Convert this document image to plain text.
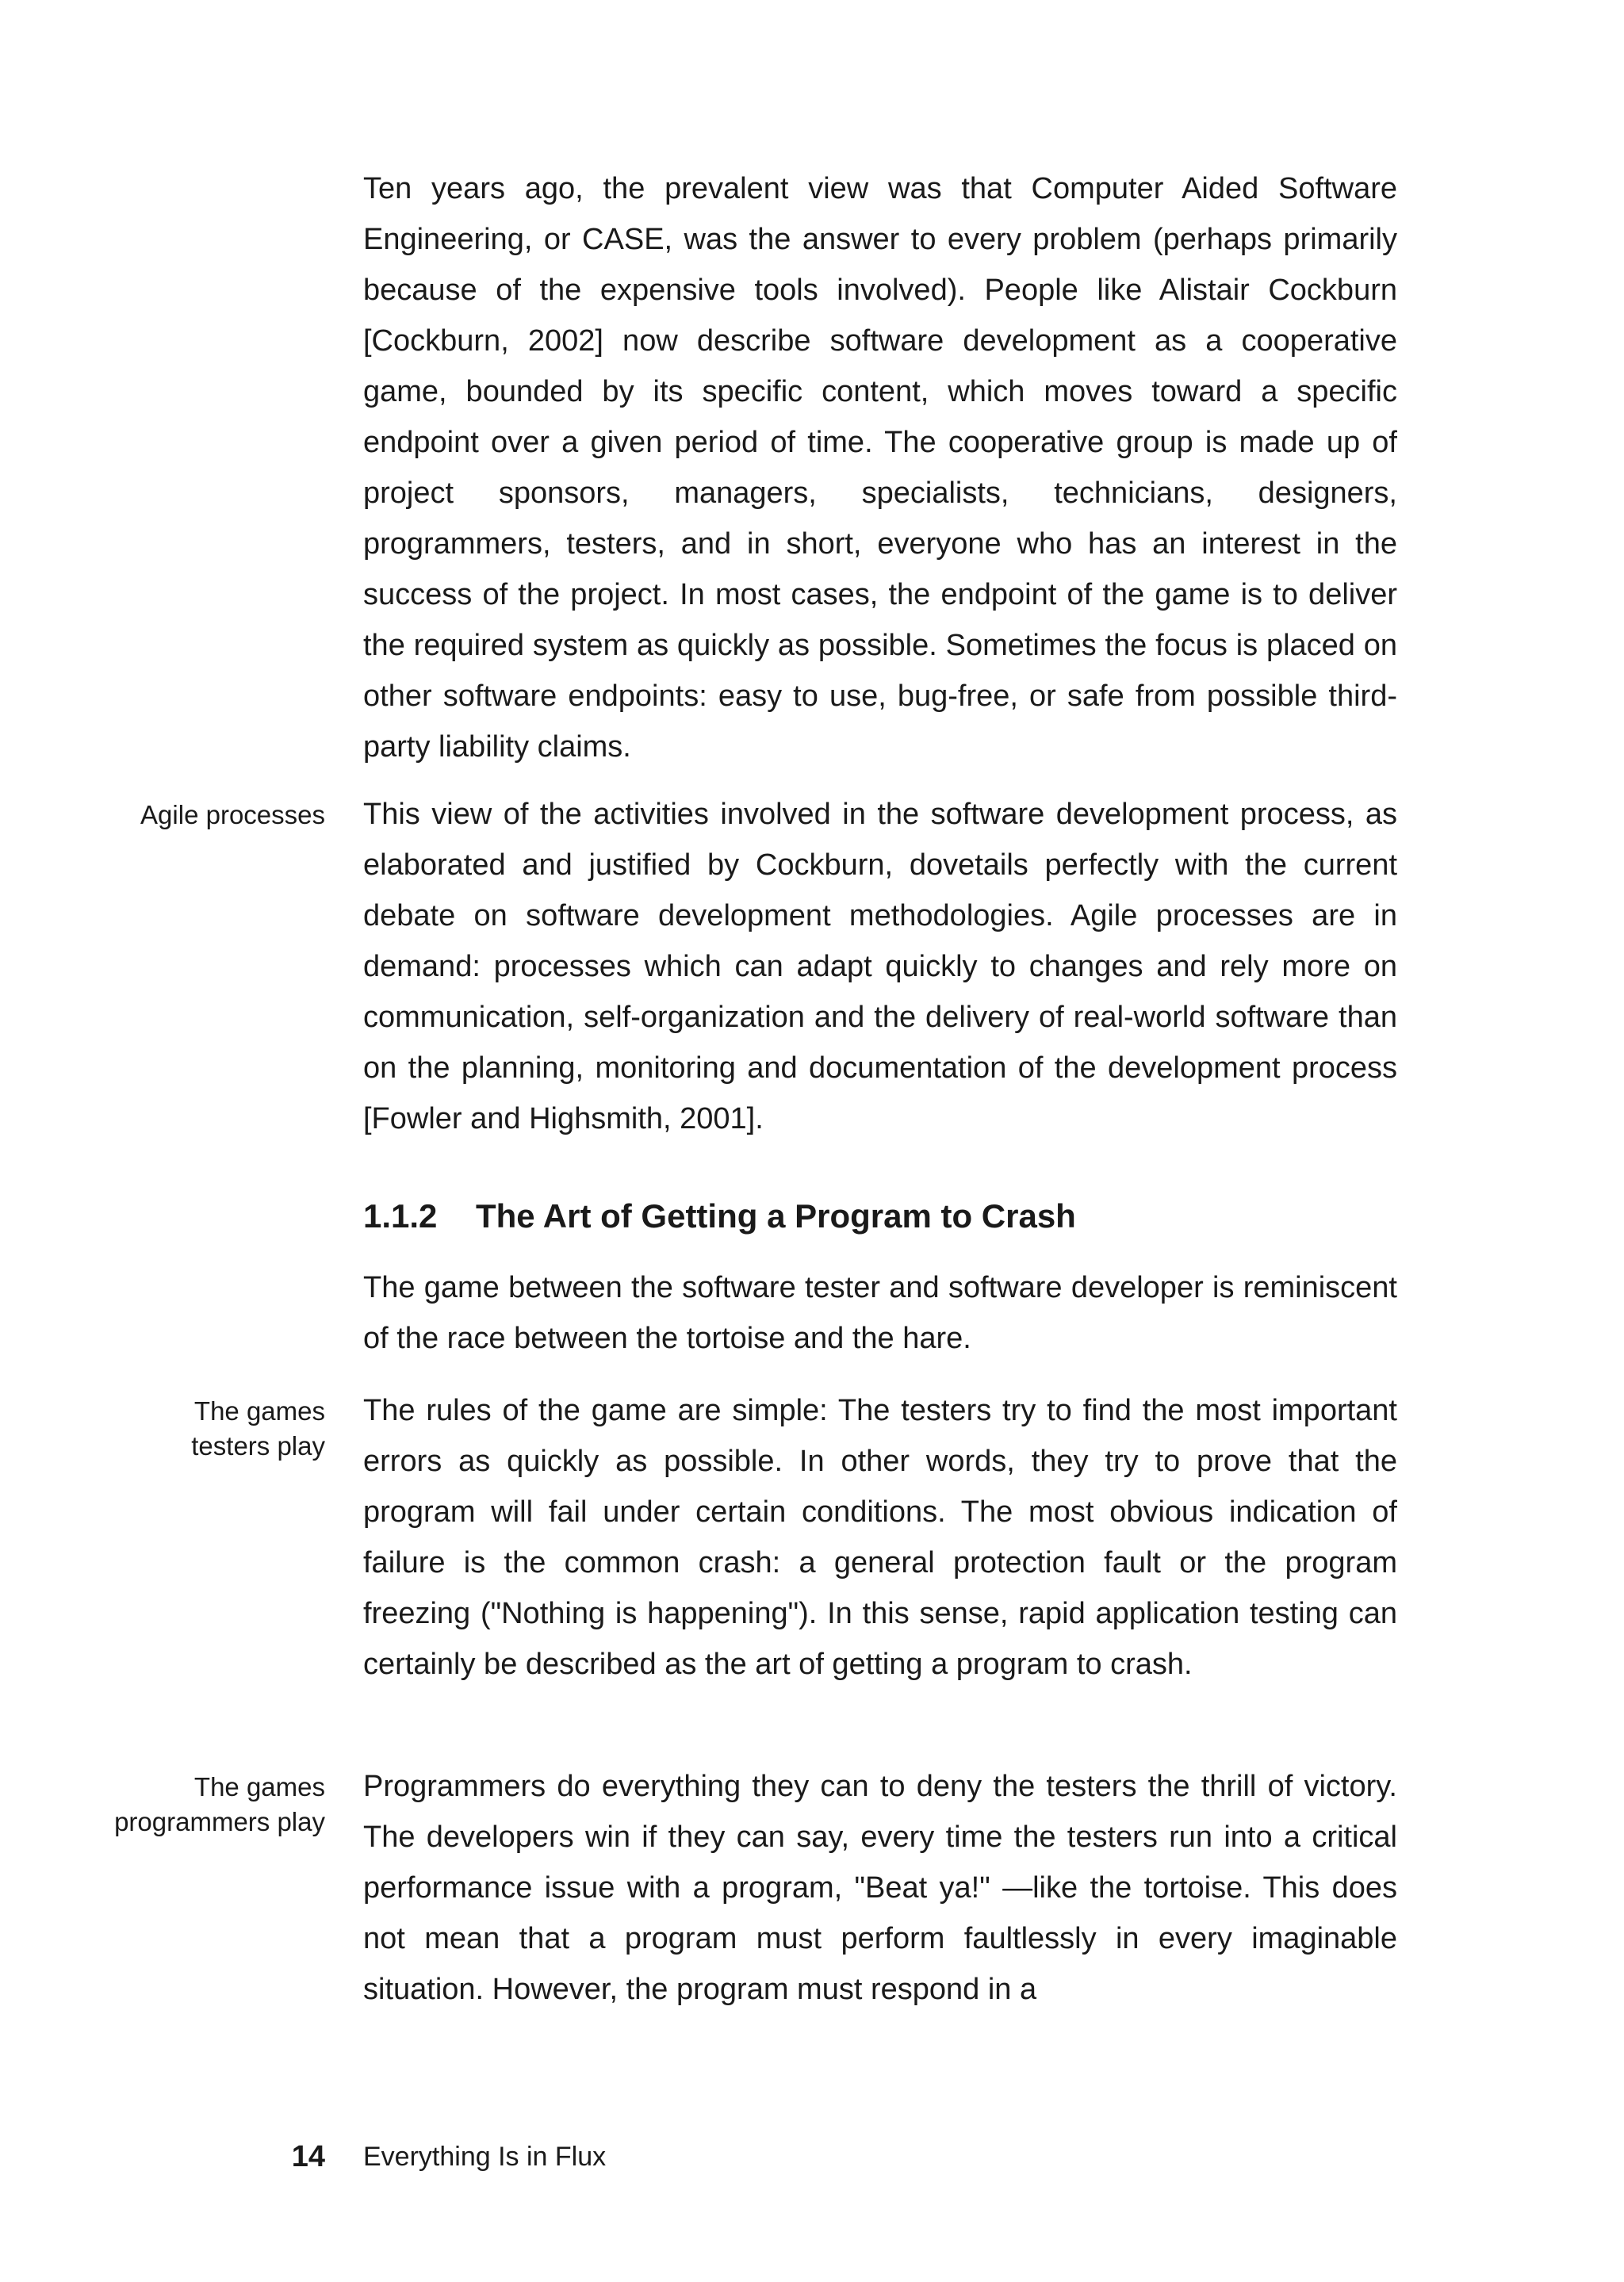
Ten years ago, the prevalent view was that Computer Aided Software Engineering, or CASE, was the answer to every problem (perhaps primarily because of the expensive tools involved). People like Alistair Cockburn [Cockburn, 2002] now describe software development as a cooperative game, bounded by its specific content, which moves toward a specific endpoint over a given period of time. The cooperative group is made up of project sponsors, managers, specialists, technicians, designers, programmers, testers, and in short, everyone who has an interest in the success of the project. In most cases, the endpoint of the game is to deliver the required system as quickly as possible. Sometimes the focus is placed on other software endpoints: easy to use, bug-free, or safe from possible third-party liability claims.

Agile processes This view of the activities involved in the software development process, as elaborated and justified by Cockburn, dovetails perfectly with the current debate on software development methodologies. Agile processes are in demand: processes which can adapt quickly to changes and rely more on communication, self-organization and the delivery of real-world software than on the planning, monitoring and documentation of the development process [Fowler and Highsmith, 2001].

1.1.2 The Art of Getting a Program to Crash

The game between the software tester and software developer is reminiscent of the race between the tortoise and the hare.

The games
testers play

The rules of the game are simple: The testers try to find the most important errors as quickly as possible. In other words, they try to prove that the program will fail under certain conditions. The most obvious indication of failure is the common crash: a general protection fault or the program freezing ("Nothing is happening"). In this sense, rapid application testing can certainly be described as the art of getting a program to crash.

The games
programmers play

Programmers do everything they can to deny the testers the thrill of victory. The developers win if they can say, every time the testers run into a critical performance issue with a program, "Beat ya!" —like the tortoise. This does not mean that a program must perform faultlessly in every imaginable situation. However, the program must respond in a

14 Everything Is in Flux
